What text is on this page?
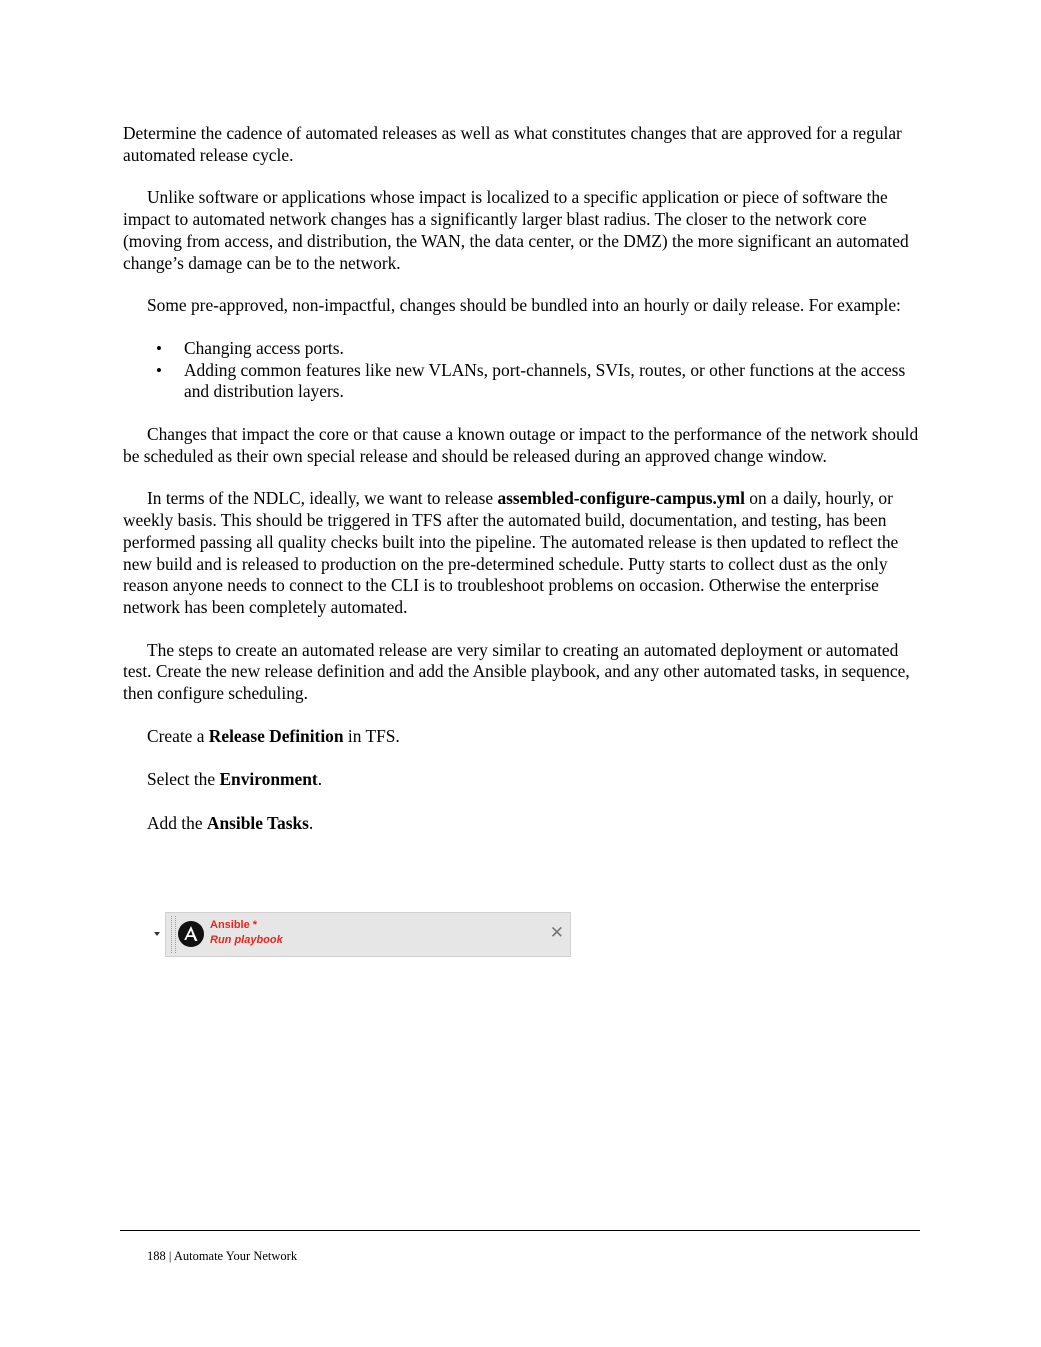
Determine the cadence of automated releases as well as what constitutes changes that are approved for a regular automated release cycle.

Unlike software or applications whose impact is localized to a specific application or piece of software the impact to automated network changes has a significantly larger blast radius. The closer to the network core (moving from access, and distribution, the WAN, the data center, or the DMZ) the more significant an automated change’s damage can be to the network.

Some pre-approved, non-impactful, changes should be bundled into an hourly or daily release. For example:

• Changing access ports.
• Adding common features like new VLANs, port-channels, SVIs, routes, or other functions at the access and distribution layers.

Changes that impact the core or that cause a known outage or impact to the performance of the network should be scheduled as their own special release and should be released during an approved change window.

In terms of the NDLC, ideally, we want to release assembled-configure-campus.yml on a daily, hourly, or weekly basis. This should be triggered in TFS after the automated build, documentation, and testing, has been performed passing all quality checks built into the pipeline. The automated release is then updated to reflect the new build and is released to production on the pre-determined schedule. Putty starts to collect dust as the only reason anyone needs to connect to the CLI is to troubleshoot problems on occasion. Otherwise the enterprise network has been completely automated.

The steps to create an automated release are very similar to creating an automated deployment or automated test. Create the new release definition and add the Ansible playbook, and any other automated tasks, in sequence, then configure scheduling.

Create a Release Definition in TFS.

Select the Environment.

Add the Ansible Tasks.

Ansible *
Run playbook	✕
188 | Automate Your Network
